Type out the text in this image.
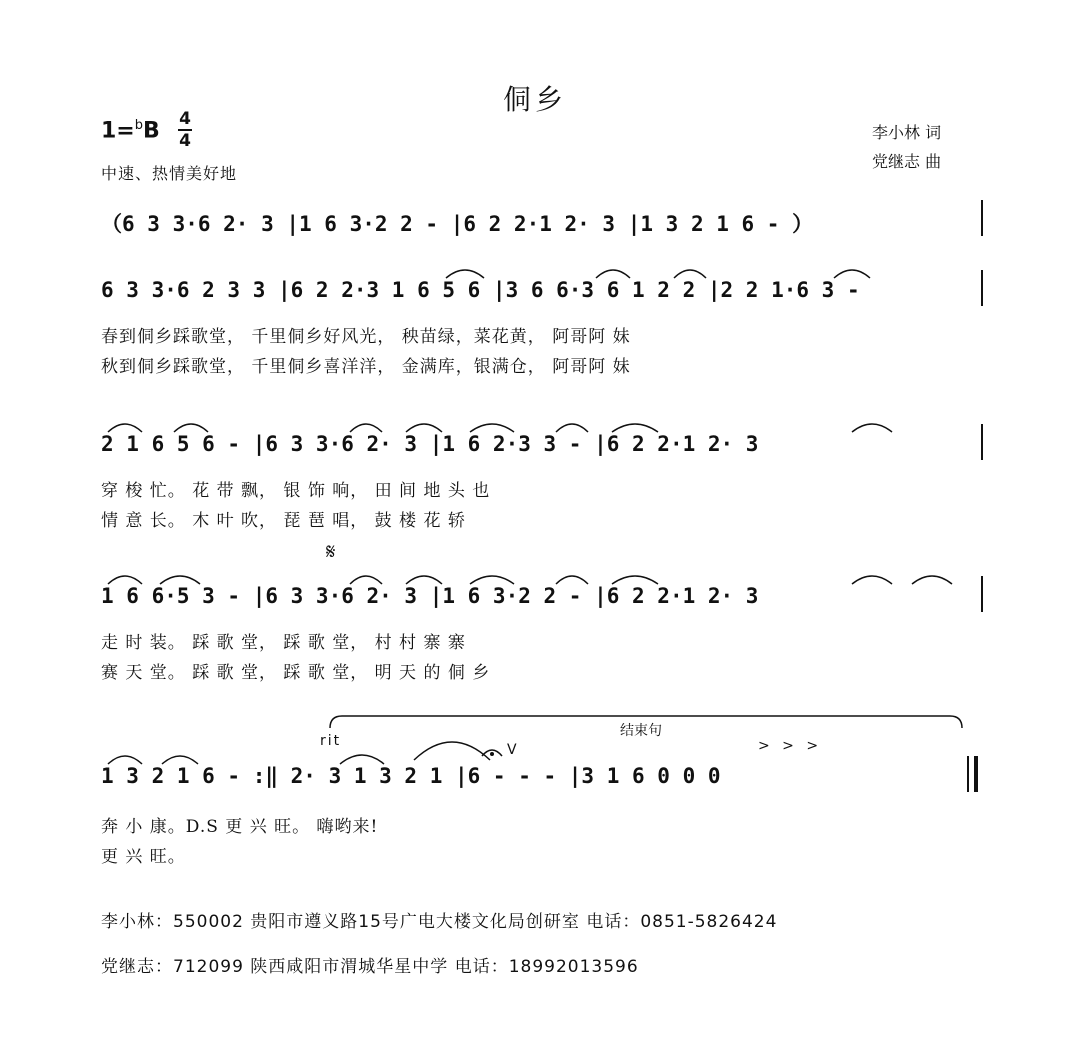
侗乡
1=$^b$B 4
4	李小林 词
党继志 曲
中速、热情美好地
（6 3 3·6 2· 3 |1 6 3·2 2 - |6 2 2·1 2· 3 |1 3 2 1 6 - ）
6 3 3·6 2 3 3 |6 2 2·3 1 6 5 6 |3 6 6·3 6 1 2 2 |2 2 1·6 3 -
春到侗乡踩歌堂， 千里侗乡好风光， 秧苗绿，菜花黄， 阿哥阿 妹
秋到侗乡踩歌堂， 千里侗乡喜洋洋， 金满库，银满仓， 阿哥阿 妹
2 1 6 5 6 - |6 3 3·6 2· 3 |1 6 2·3 3 - |6 2 2·1 2· 3
穿 梭 忙。 花 带 飘， 银 饰 响， 田 间 地 头 也
情 意 长。 木 叶 吹， 琵 琶 唱， 鼓 楼 花 轿
𝄋
1 6 6·5 3 - |6 3 3·6 2· 3 |1 6 3·2 2 - |6 2 2·1 2· 3
走 时 装。 踩 歌 堂， 踩 歌 堂， 村 村 寨 寨
赛 天 堂。 踩 歌 堂， 踩 歌 堂， 明 天 的 侗 乡
结束句
rit
V	> > >
1 3 2 1 6 - :‖ 2· 3 1 3 2 1 |6 - - - |3 1 6 0 0 0
奔 小 康。D.S 更 兴 旺。 嗨哟来!
更 兴 旺。
李小林：550002 贵阳市遵义路15号广电大楼文化局创研室 电话：0851-5826424
党继志：712099 陕西咸阳市渭城华星中学 电话：18992013596
